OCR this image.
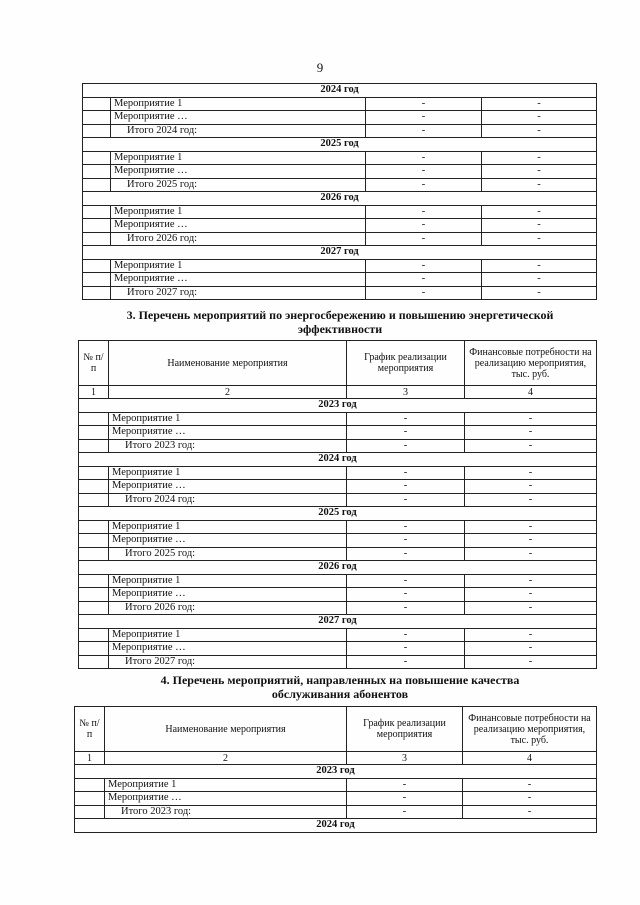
9
2024 год			
	Мероприятие 1	-	-
	Мероприятие …	-	-
	Итого 2024 год:	-	-
2025 год			
	Мероприятие 1	-	-
	Мероприятие …	-	-
	Итого 2025 год:	-	-
2026 год			
	Мероприятие 1	-	-
	Мероприятие …	-	-
	Итого 2026 год:	-	-
2027 год			
	Мероприятие 1	-	-
	Мероприятие …	-	-
	Итого 2027 год:	-	-
3. Перечень мероприятий по энергосбережению и повышению энергетической
эффективности
№ п/п	Наименование мероприятия	График реализации мероприятия	Финансовые потребности на реализацию мероприятия, тыс. руб.
1	2	3	4
2023 год			
	Мероприятие 1	-	-
	Мероприятие …	-	-
	Итого 2023 год:	-	-
2024 год			
	Мероприятие 1	-	-
	Мероприятие …	-	-
	Итого 2024 год:	-	-
2025 год			
	Мероприятие 1	-	-
	Мероприятие …	-	-
	Итого 2025 год:	-	-
2026 год			
	Мероприятие 1	-	-
	Мероприятие …	-	-
	Итого 2026 год:	-	-
2027 год			
	Мероприятие 1	-	-
	Мероприятие …	-	-
	Итого 2027 год:	-	-
4. Перечень мероприятий, направленных на повышение качества
обслуживания абонентов
№ п/п	Наименование мероприятия	График реализации мероприятия	Финансовые потребности на реализацию мероприятия, тыс. руб.
1	2	3	4
2023 год			
	Мероприятие 1	-	-
	Мероприятие …	-	-
	Итого 2023 год:	-	-
2024 год			
